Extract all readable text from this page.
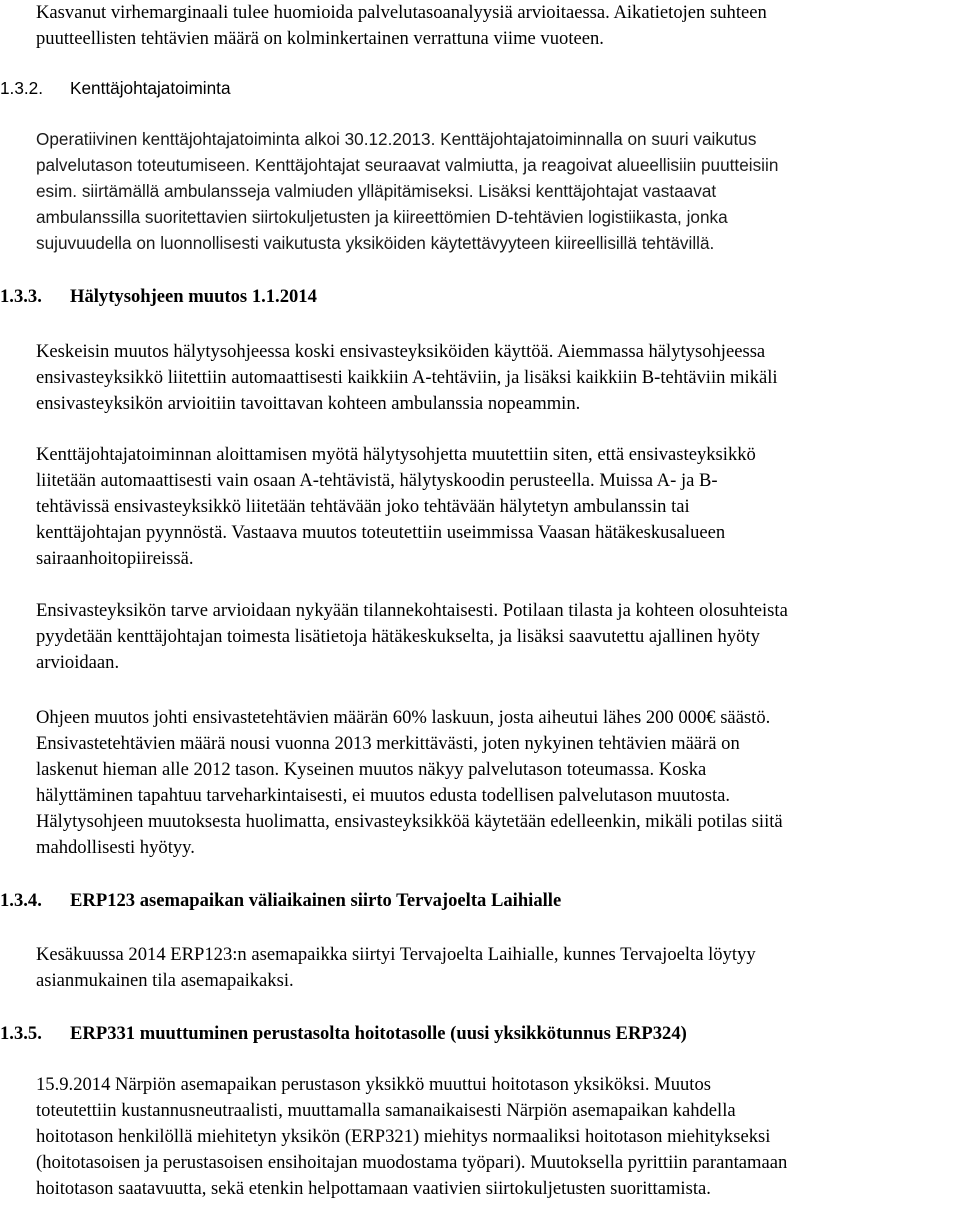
Kasvanut virhemarginaali tulee huomioida palvelutasoanalyysiä arvioitaessa. Aikatietojen suhteen
puutteellisten tehtävien määrä on kolminkertainen verrattuna viime vuoteen.
1.3.2. Kenttäjohtajatoiminta
Operatiivinen kenttäjohtajatoiminta alkoi 30.12.2013. Kenttäjohtajatoiminnalla on suuri vaikutus
palvelutason toteutumiseen. Kenttäjohtajat seuraavat valmiutta, ja reagoivat alueellisiin puutteisiin
esim. siirtämällä ambulansseja valmiuden ylläpitämiseksi. Lisäksi kenttäjohtajat vastaavat
ambulanssilla suoritettavien siirtokuljetusten ja kiireettömien D-tehtävien logistiikasta, jonka
sujuvuudella on luonnollisesti vaikutusta yksiköiden käytettävyyteen kiireellisillä tehtävillä.
1.3.3. Hälytysohjeen muutos 1.1.2014
Keskeisin muutos hälytysohjeessa koski ensivasteyksiköiden käyttöä. Aiemmassa hälytysohjeessa
ensivasteyksikkö liitettiin automaattisesti kaikkiin A-tehtäviin, ja lisäksi kaikkiin B-tehtäviin mikäli
ensivasteyksikön arvioitiin tavoittavan kohteen ambulanssia nopeammin.
Kenttäjohtajatoiminnan aloittamisen myötä hälytysohjetta muutettiin siten, että ensivasteyksikkö
liitetään automaattisesti vain osaan A-tehtävistä, hälytyskoodin perusteella. Muissa A- ja B-
tehtävissä ensivasteyksikkö liitetään tehtävään joko tehtävään hälytetyn ambulanssin tai
kenttäjohtajan pyynnöstä. Vastaava muutos toteutettiin useimmissa Vaasan hätäkeskusalueen
sairaanhoitopiireissä.
Ensivasteyksikön tarve arvioidaan nykyään tilannekohtaisesti. Potilaan tilasta ja kohteen olosuhteista
pyydetään kenttäjohtajan toimesta lisätietoja hätäkeskukselta, ja lisäksi saavutettu ajallinen hyöty
arvioidaan.
Ohjeen muutos johti ensivastetehtävien määrän 60% laskuun, josta aiheutui lähes 200 000€ säästö.
Ensivastetehtävien määrä nousi vuonna 2013 merkittävästi, joten nykyinen tehtävien määrä on
laskenut hieman alle 2012 tason. Kyseinen muutos näkyy palvelutason toteumassa. Koska
hälyttäminen tapahtuu tarveharkintaisesti, ei muutos edusta todellisen palvelutason muutosta.
Hälytysohjeen muutoksesta huolimatta, ensivasteyksikköä käytetään edelleenkin, mikäli potilas siitä
mahdollisesti hyötyy.
1.3.4. ERP123 asemapaikan väliaikainen siirto Tervajoelta Laihialle
Kesäkuussa 2014 ERP123:n asemapaikka siirtyi Tervajoelta Laihialle, kunnes Tervajoelta löytyy
asianmukainen tila asemapaikaksi.
1.3.5. ERP331 muuttuminen perustasolta hoitotasolle (uusi yksikkötunnus ERP324)
15.9.2014 Närpiön asemapaikan perustason yksikkö muuttui hoitotason yksiköksi. Muutos
toteutettiin kustannusneutraalisti, muuttamalla samanaikaisesti Närpiön asemapaikan kahdella
hoitotason henkilöllä miehitetyn yksikön (ERP321) miehitys normaaliksi hoitotason miehitykseksi
(hoitotasoisen ja perustasoisen ensihoitajan muodostama työpari). Muutoksella pyrittiin parantamaan
hoitotason saatavuutta, sekä etenkin helpottamaan vaativien siirtokuljetusten suorittamista.
